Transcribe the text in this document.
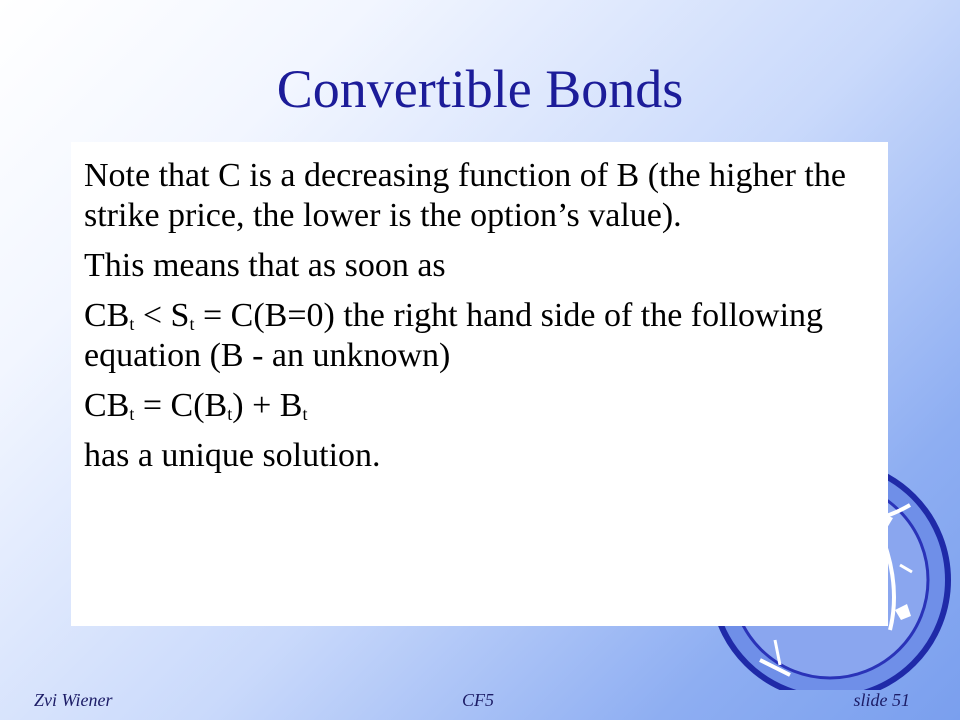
Convertible Bonds

Note that C is a decreasing function of B (the higher the strike price, the lower is the option’s value).

This means that as soon as

$CB_t < S_t = C(B=0)$ the right hand side of the following equation (B - an unknown)

$CB_t = C(B_t) + B_t$

has a unique solution.

Zvi Wiener	CF5	slide 51
